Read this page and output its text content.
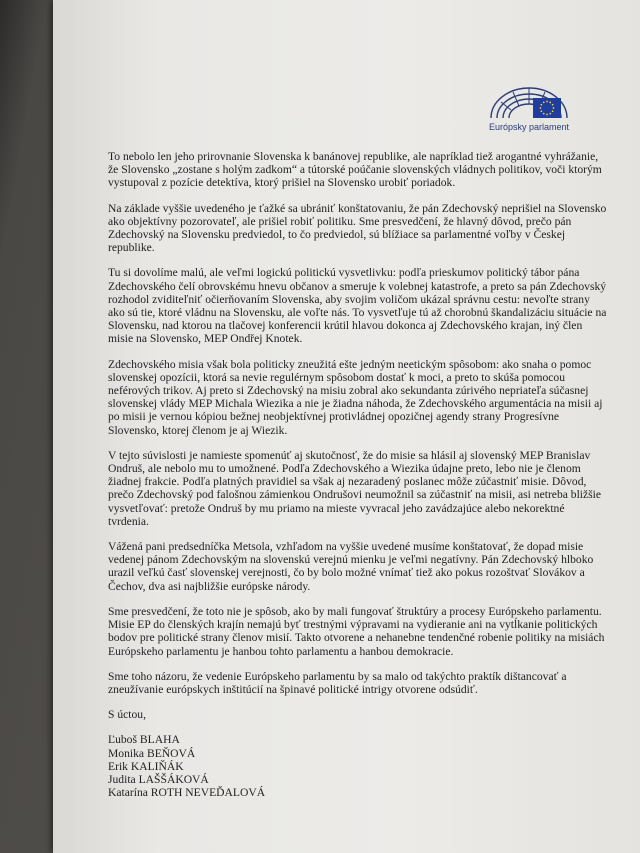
Európsky parlament

To nebolo len jeho prirovnanie Slovenska k banánovej republike, ale napríklad tiež arogantné vyhrážanie, že Slovensko „zostane s holým zadkom“ a tútorské poúčanie slovenských vládnych politikov, voči ktorým vystupoval z pozície detektíva, ktorý prišiel na Slovensko urobiť poriadok.

Na základe vyššie uvedeného je ťažké sa ubrániť konštatovaniu, že pán Zdechovský neprišiel na Slovensko ako objektívny pozorovateľ, ale prišiel robiť politiku. Sme presvedčení, že hlavný dôvod, prečo pán Zdechovský na Slovensku predviedol, to čo predviedol, sú blížiace sa parlamentné voľby v Českej republike.

Tu si dovolíme malú, ale veľmi logickú politickú vysvetlivku: podľa prieskumov politický tábor pána Zdechovského čelí obrovskému hnevu občanov a smeruje k volebnej katastrofe, a preto sa pán Zdechovský rozhodol zviditeľniť očierňovaním Slovenska, aby svojim voličom ukázal správnu cestu: nevoľte strany ako sú tie, ktoré vládnu na Slovensku, ale voľte nás. To vysvetľuje tú až chorobnú škandalizáciu situácie na Slovensku, nad ktorou na tlačovej konferencii krútil hlavou dokonca aj Zdechovského krajan, iný člen misie na Slovensko, MEP Ondřej Knotek.

Zdechovského misia však bola politicky zneužitá ešte jedným neetickým spôsobom: ako snaha o pomoc slovenskej opozícii, ktorá sa nevie regulérnym spôsobom dostať k moci, a preto to skúša pomocou neférových trikov. Aj preto si Zdechovský na misiu zobral ako sekundanta zúrivého nepriateľa súčasnej slovenskej vlády MEP Michala Wiezika a nie je žiadna náhoda, že Zdechovského argumentácia na misii aj po misii je vernou kópiou bežnej neobjektívnej protivládnej opozičnej agendy strany Progresívne Slovensko, ktorej členom je aj Wiezik.

V tejto súvislosti je namieste spomenúť aj skutočnosť, že do misie sa hlásil aj slovenský MEP Branislav Ondruš, ale nebolo mu to umožnené. Podľa Zdechovského a Wiezika údajne preto, lebo nie je členom žiadnej frakcie. Podľa platných pravidiel sa však aj nezaradený poslanec môže zúčastniť misie. Dôvod, prečo Zdechovský pod falošnou zámienkou Ondrušovi neumožnil sa zúčastniť na misii, asi netreba bližšie vysvetľovať: pretože Ondruš by mu priamo na mieste vyvracal jeho zavádzajúce alebo nekorektné tvrdenia.

Vážená pani predsedníčka Metsola, vzhľadom na vyššie uvedené musíme konštatovať, že dopad misie vedenej pánom Zdechovským na slovenskú verejnú mienku je veľmi negatívny. Pán Zdechovský hlboko urazil veľkú časť slovenskej verejnosti, čo by bolo možné vnímať tiež ako pokus rozoštvať Slovákov a Čechov, dva asi najbližšie európske národy.

Sme presvedčení, že toto nie je spôsob, ako by mali fungovať štruktúry a procesy Európskeho parlamentu. Misie EP do členských krajín nemajú byť trestnými výpravami na vydieranie ani na vytĺkanie politických bodov pre politické strany členov misií. Takto otvorene a nehanebne tendenčné robenie politiky na misiách Európskeho parlamentu je hanbou tohto parlamentu a hanbou demokracie.

Sme toho názoru, že vedenie Európskeho parlamentu by sa malo od takýchto praktík dištancovať a zneužívanie európskych inštitúcií na špinavé politické intrigy otvorene odsúdiť.

S úctou,

Ľuboš BLAHA
Monika BEŇOVÁ
Erik KALIŇÁK
Judita LAŠŠÁKOVÁ
Katarína ROTH NEVEĎALOVÁ
